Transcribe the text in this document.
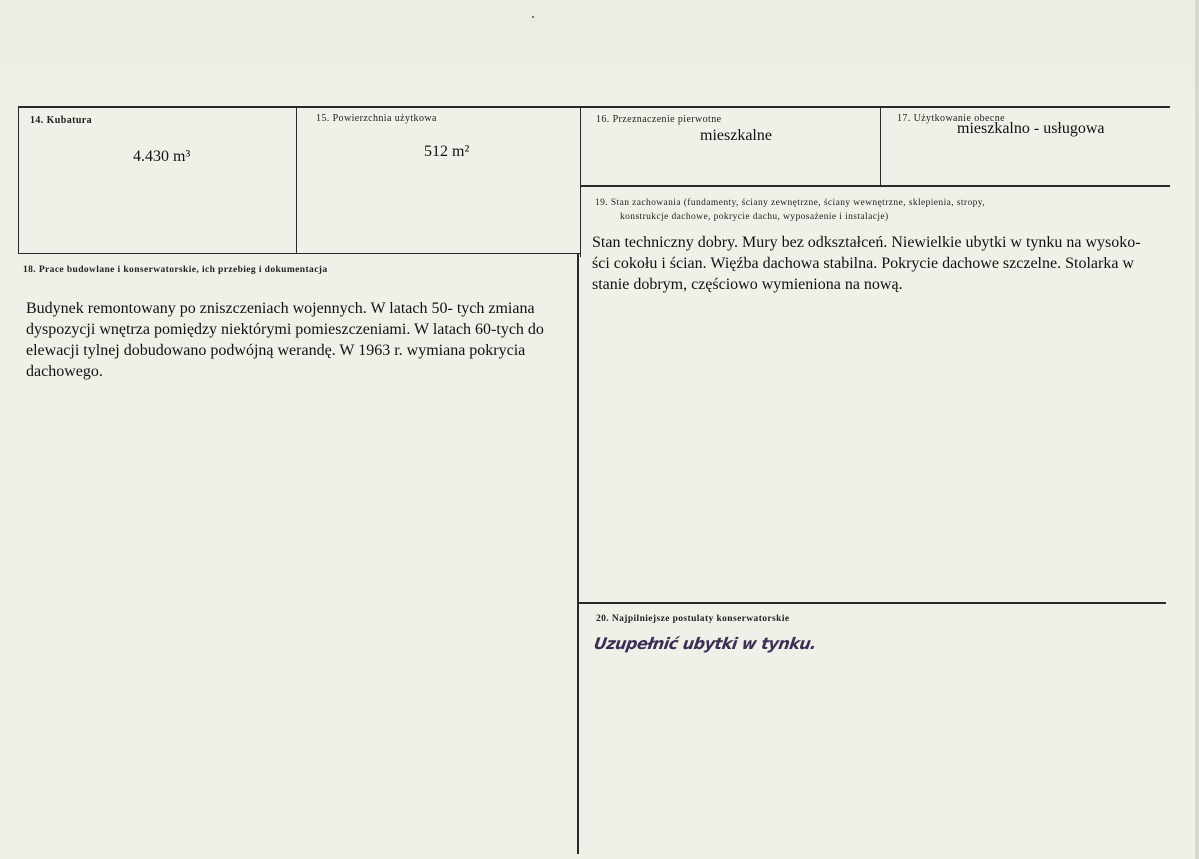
14. Kubatura
4.430 m³
15. Powierzchnia użytkowa
512 m²
16. Przeznaczenie pierwotne
mieszkalne
17. Użytkowanie obecne
mieszkalno - usługowa
18. Prace budowlane i konserwatorskie, ich przebieg i dokumentacja
Budynek remontowany po zniszczeniach wojennych. W latach 50- tych zmiana
dyspozycji wnętrza pomiędzy niektórymi pomieszczeniami. W latach 60-tych do
elewacji tylnej dobudowano podwójną werandę. W 1963 r. wymiana pokrycia
dachowego.
19. Stan zachowania (fundamenty, ściany zewnętrzne, ściany wewnętrzne, sklepienia, stropy,
konstrukcje dachowe, pokrycie dachu, wyposażenie i instalacje)
Stan techniczny dobry. Mury bez odkształceń. Niewielkie ubytki w tynku na wysoko-
ści cokołu i ścian. Więźba dachowa stabilna. Pokrycie dachowe szczelne. Stolarka w
stanie dobrym, częściowo wymieniona na nową.
20. Najpilniejsze postulaty konserwatorskie
Uzupełnić ubytki w tynku.
